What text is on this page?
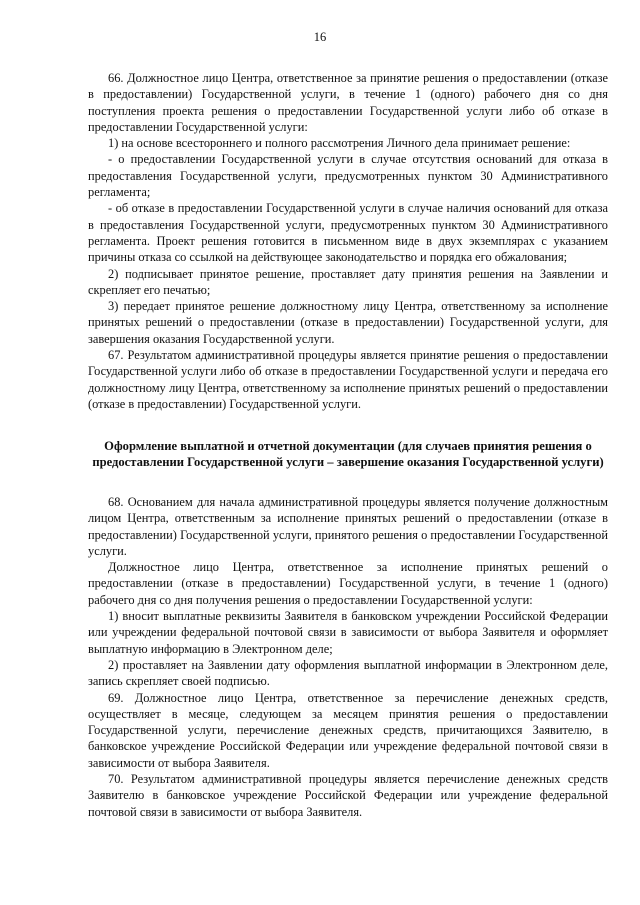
16

66. Должностное лицо Центра, ответственное за принятие решения о предоставлении (отказе в предоставлении) Государственной услуги, в течение 1 (одного) рабочего дня со дня поступления проекта решения о предоставлении Государственной услуги либо об отказе в предоставлении Государственной услуги:

1) на основе всестороннего и полного рассмотрения Личного дела принимает решение:

- о предоставлении Государственной услуги в случае отсутствия оснований для отказа в предоставления Государственной услуги, предусмотренных пунктом 30 Административного регламента;

- об отказе в предоставлении Государственной услуги в случае наличия оснований для отказа в предоставления Государственной услуги, предусмотренных пунктом 30 Административного регламента. Проект решения готовится в письменном виде в двух экземплярах с указанием причины отказа со ссылкой на действующее законодательство и порядка его обжалования;

2) подписывает принятое решение, проставляет дату принятия решения на Заявлении и скрепляет его печатью;

3) передает принятое решение должностному лицу Центра, ответственному за исполнение принятых решений о предоставлении (отказе в предоставлении) Государственной услуги, для завершения оказания Государственной услуги.

67. Результатом административной процедуры является принятие решения о предоставлении Государственной услуги либо об отказе в предоставлении Государственной услуги и передача его должностному лицу Центра, ответственному за исполнение принятых решений о предоставлении (отказе в предоставлении) Государственной услуги.

Оформление выплатной и отчетной документации (для случаев принятия решения о предоставлении Государственной услуги – завершение оказания Государственной услуги)

68. Основанием для начала административной процедуры является получение должностным лицом Центра, ответственным за исполнение принятых решений о предоставлении (отказе в предоставлении) Государственной услуги, принятого решения о предоставлении Государственной услуги.

Должностное лицо Центра, ответственное за исполнение принятых решений о предоставлении (отказе в предоставлении) Государственной услуги, в течение 1 (одного) рабочего дня со дня получения решения о предоставлении Государственной услуги:

1) вносит выплатные реквизиты Заявителя в банковском учреждении Российской Федерации или учреждении федеральной почтовой связи в зависимости от выбора Заявителя и оформляет выплатную информацию в Электронном деле;

2) проставляет на Заявлении дату оформления выплатной информации в Электронном деле, запись скрепляет своей подписью.

69. Должностное лицо Центра, ответственное за перечисление денежных средств, осуществляет в месяце, следующем за месяцем принятия решения о предоставлении Государственной услуги, перечисление денежных средств, причитающихся Заявителю, в банковское учреждение Российской Федерации или учреждение федеральной почтовой связи в зависимости от выбора Заявителя.

70. Результатом административной процедуры является перечисление денежных средств Заявителю в банковское учреждение Российской Федерации или учреждение федеральной почтовой связи в зависимости от выбора Заявителя.
